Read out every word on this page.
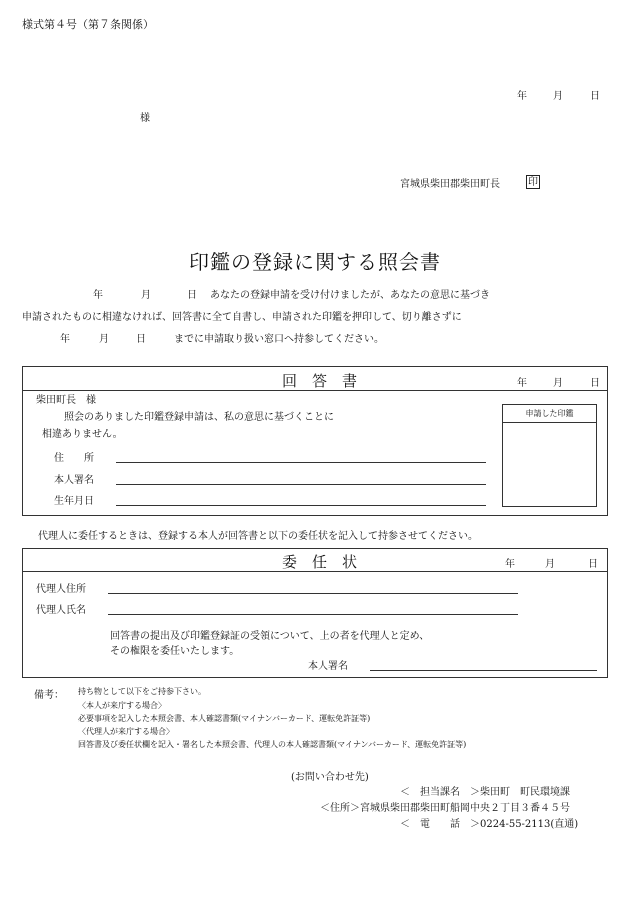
様式第４号（第７条関係）
年	月	日
様
宮城県柴田郡柴田町長	印
印鑑の登録に関する照会書
年	月	日 あなたの登録申請を受け付けましたが、あなたの意思に基づき
申請されたものに相違なければ、回答書に全て自書し、申請された印鑑を押印して、切り離さずに
年	月	日	までに申請取り扱い窓口へ持参してください。
回　答　書	年	月	日
柴田町長　様
照会のありました印鑑登録申請は、私の意思に基づくことに
相違ありません。
住　　所
本人署名
生年月日
申請した印鑑
代理人に委任するときは、登録する本人が回答書と以下の委任状を記入して持参させてください。
委　任　状	年	月	日
代理人住所
代理人氏名
回答書の提出及び印鑑登録証の受領について、上の者を代理人と定め、
その権限を委任いたします。
本人署名
備考： 持ち物として以下をご持参下さい。
〈本人が来庁する場合〉
必要事項を記入した本照会書、本人確認書類(マイナンバーカード、運転免許証等)
〈代理人が来庁する場合〉
回答書及び委任状欄を記入・署名した本照会書、代理人の本人確認書類(マイナンバーカード、運転免許証等)
(お問い合わせ先)
＜　担当課名　＞柴田町　町民環境課
＜住所＞宮城県柴田郡柴田町船岡中央２丁目３番４５号
＜　電　　話　＞0224-55-2113(直通)
